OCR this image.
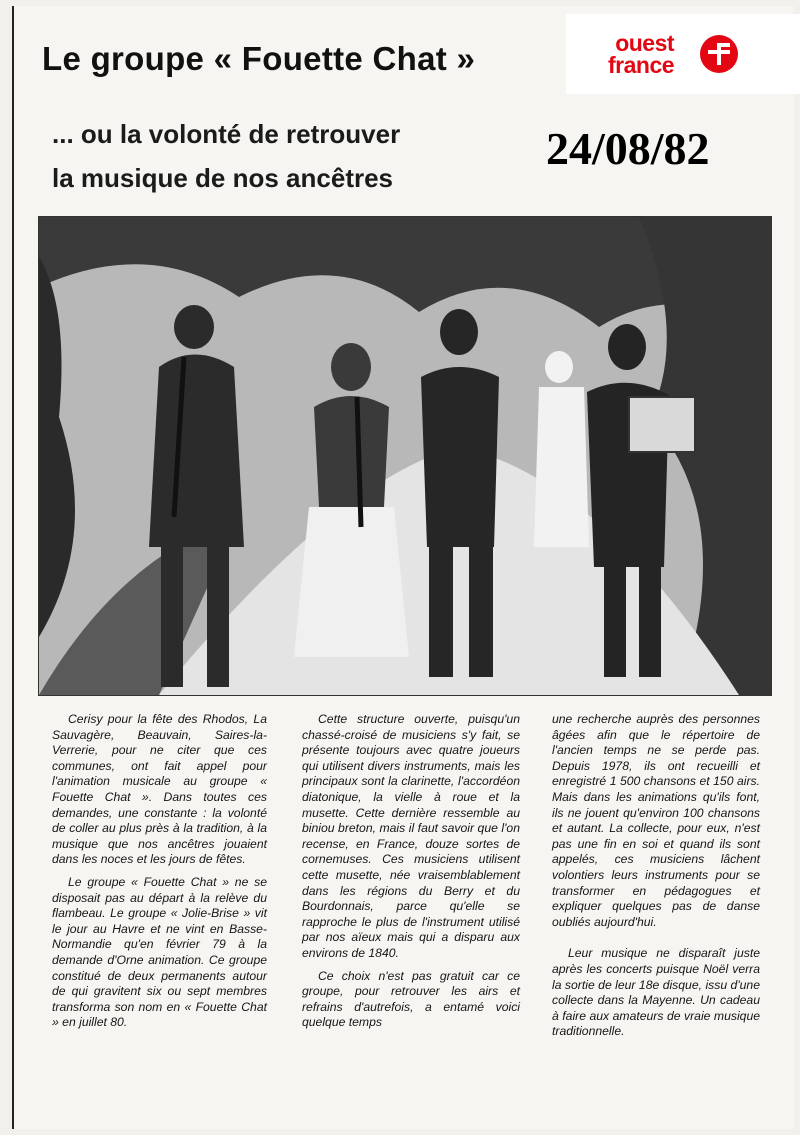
Le groupe « Fouette Chat »
... ou la volonté de retrouver
la musique de nos ancêtres
24/08/82
ouest
france

Cerisy pour la fête des Rhodos, La Sauvagère, Beauvain, Saires-la-Verrerie, pour ne citer que ces communes, ont fait appel pour l'animation musicale au groupe « Fouette Chat ». Dans toutes ces demandes, une constante : la volonté de coller au plus près à la tradition, à la musique que nos ancêtres jouaient dans les noces et les jours de fêtes.

Le groupe « Fouette Chat » ne se disposait pas au départ à la relève du flambeau. Le groupe « Jolie-Brise » vit le jour au Havre et ne vint en Basse-Normandie qu'en février 79 à la demande d'Orne animation. Ce groupe constitué de deux permanents autour de qui gravitent six ou sept membres transforma son nom en « Fouette Chat » en juillet 80.

Cette structure ouverte, puisqu'un chassé-croisé de musiciens s'y fait, se présente toujours avec quatre joueurs qui utilisent divers instruments, mais les principaux sont la clarinette, l'accordéon diatonique, la vielle à roue et la musette. Cette dernière ressemble au biniou breton, mais il faut savoir que l'on recense, en France, douze sortes de cornemuses. Ces musiciens utilisent cette musette, née vraisemblablement dans les régions du Berry et du Bourdonnais, parce qu'elle se rapproche le plus de l'instrument utilisé par nos aïeux mais qui a disparu aux environs de 1840.

Ce choix n'est pas gratuit car ce groupe, pour retrouver les airs et refrains d'autrefois, a entamé voici quelque temps

une recherche auprès des personnes âgées afin que le répertoire de l'ancien temps ne se perde pas. Depuis 1978, ils ont recueilli et enregistré 1 500 chansons et 150 airs. Mais dans les animations qu'ils font, ils ne jouent qu'environ 100 chansons et autant. La collecte, pour eux, n'est pas une fin en soi et quand ils sont appelés, ces musiciens lâchent volontiers leurs instruments pour se transformer en pédagogues et expliquer quelques pas de danse oubliés aujourd'hui.

Leur musique ne disparaît juste après les concerts puisque Noël verra la sortie de leur 18e disque, issu d'une collecte dans la Mayenne. Un cadeau à faire aux amateurs de vraie musique traditionnelle.
